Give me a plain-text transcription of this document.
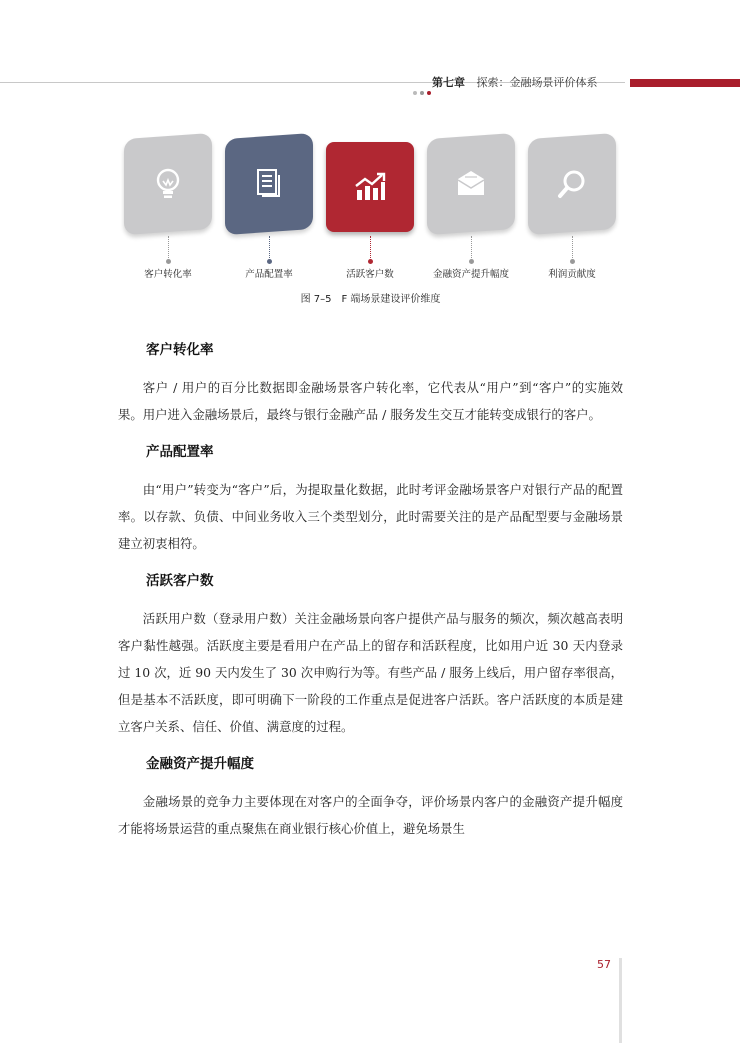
第七章 探索：金融场景评价体系
客户转化率	产品配置率	活跃客户数	金融资产提升幅度	利润贡献度
图 7–5　F 端场景建设评价维度
客户转化率

客户 / 用户的百分比数据即金融场景客户转化率，它代表从“用户”到“客户”的实施效果。用户进入金融场景后，最终与银行金融产品 / 服务发生交互才能转变成银行的客户。

产品配置率

由“用户”转变为“客户”后，为提取量化数据，此时考评金融场景客户对银行产品的配置率。以存款、负债、中间业务收入三个类型划分，此时需要关注的是产品配型要与金融场景建立初衷相符。

活跃客户数

活跃用户数（登录用户数）关注金融场景向客户提供产品与服务的频次，频次越高表明客户黏性越强。活跃度主要是看用户在产品上的留存和活跃程度，比如用户近 30 天内登录过 10 次，近 90 天内发生了 30 次申购行为等。有些产品 / 服务上线后，用户留存率很高，但是基本不活跃度，即可明确下一阶段的工作重点是促进客户活跃。客户活跃度的本质是建立客户关系、信任、价值、满意度的过程。

金融资产提升幅度

金融场景的竞争力主要体现在对客户的全面争夺，评价场景内客户的金融资产提升幅度才能将场景运营的重点聚焦在商业银行核心价值上，避免场景生

57
